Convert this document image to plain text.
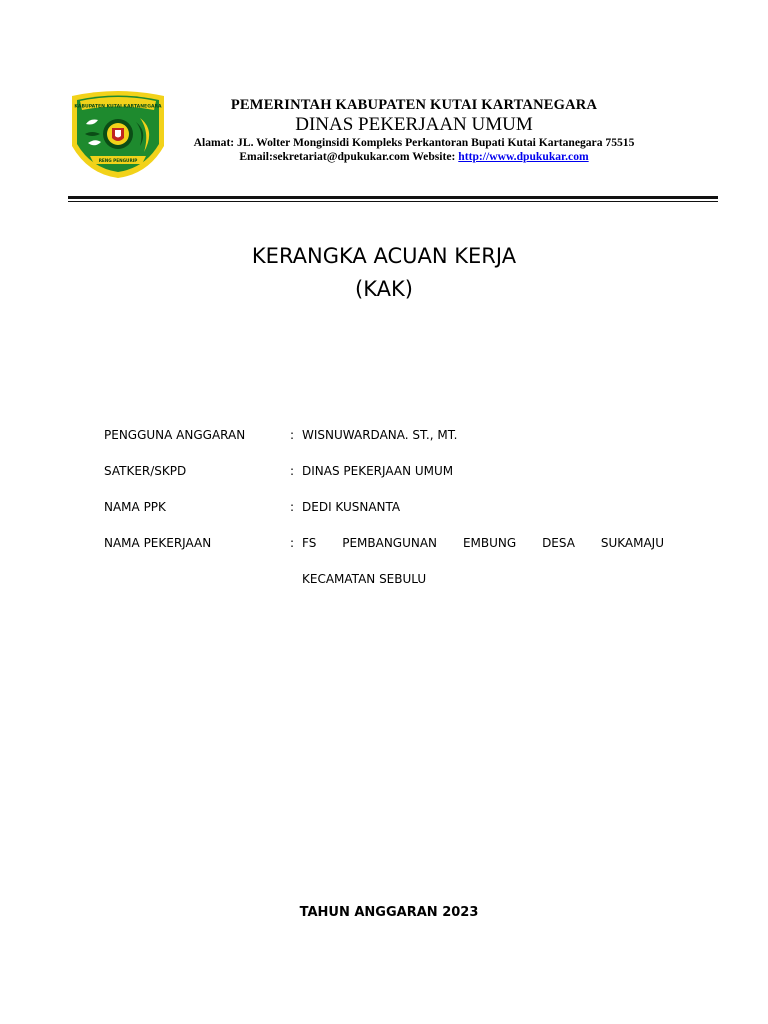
KABUPATEN KUTAI KARTANEGARA
RENG PENGURIP
PEMERINTAH KABUPATEN KUTAI KARTANEGARA
DINAS PEKERJAAN UMUM
Alamat: JL. Wolter Monginsidi Kompleks Perkantoran Bupati Kutai Kartanegara 75515
Email:sekretariat@dpukukar.com Website: http://www.dpukukar.com
KERANGKA ACUAN KERJA
(KAK)
PENGGUNA ANGGARAN	: WISNUWARDANA. ST., MT.
SATKER/SKPD	: DINAS PEKERJAAN UMUM
NAMA PPK	: DEDI KUSNANTA
NAMA PEKERJAAN	: FS PEMBANGUNAN EMBUNG DESA SUKAMAJU
KECAMATAN SEBULU
TAHUN ANGGARAN 2023
